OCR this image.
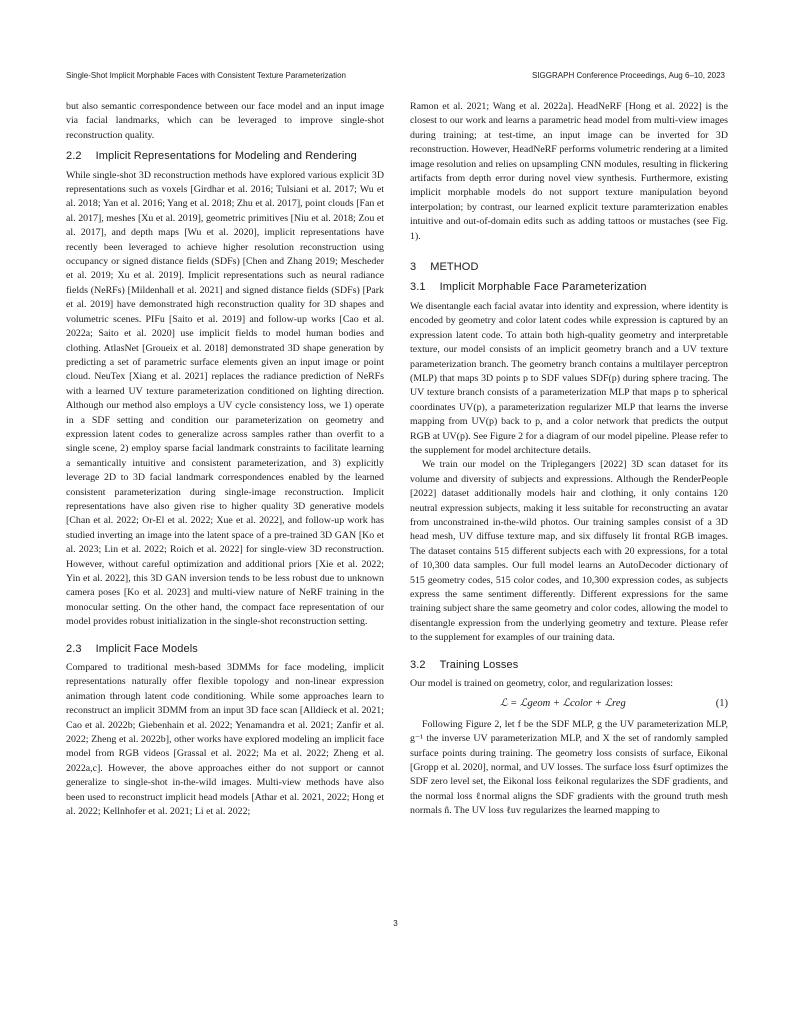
Single-Shot Implicit Morphable Faces with Consistent Texture Parameterization	SIGGRAPH Conference Proceedings, Aug 6–10, 2023

but also semantic correspondence between our face model and an input image via facial landmarks, which can be leveraged to improve single-shot reconstruction quality.

2.2 Implicit Representations for Modeling and Rendering

While single-shot 3D reconstruction methods have explored various explicit 3D representations such as voxels [Girdhar et al. 2016; Tulsiani et al. 2017; Wu et al. 2018; Yan et al. 2016; Yang et al. 2018; Zhu et al. 2017], point clouds [Fan et al. 2017], meshes [Xu et al. 2019], geometric primitives [Niu et al. 2018; Zou et al. 2017], and depth maps [Wu et al. 2020], implicit representations have recently been leveraged to achieve higher resolution reconstruction using occupancy or signed distance fields (SDFs) [Chen and Zhang 2019; Mescheder et al. 2019; Xu et al. 2019]. Implicit representations such as neural radiance fields (NeRFs) [Mildenhall et al. 2021] and signed distance fields (SDFs) [Park et al. 2019] have demonstrated high reconstruction quality for 3D shapes and volumetric scenes. PIFu [Saito et al. 2019] and follow-up works [Cao et al. 2022a; Saito et al. 2020] use implicit fields to model human bodies and clothing. AtlasNet [Groueix et al. 2018] demonstrated 3D shape generation by predicting a set of parametric surface elements given an input image or point cloud. NeuTex [Xiang et al. 2021] replaces the radiance prediction of NeRFs with a learned UV texture parameterization conditioned on lighting direction. Although our method also employs a UV cycle consistency loss, we 1) operate in a SDF setting and condition our parameterization on geometry and expression latent codes to generalize across samples rather than overfit to a single scene, 2) employ sparse facial landmark constraints to facilitate learning a semantically intuitive and consistent parameterization, and 3) explicitly leverage 2D to 3D facial landmark correspondences enabled by the learned consistent parameterization during single-image reconstruction. Implicit representations have also given rise to higher quality 3D generative models [Chan et al. 2022; Or-El et al. 2022; Xue et al. 2022], and follow-up work has studied inverting an image into the latent space of a pre-trained 3D GAN [Ko et al. 2023; Lin et al. 2022; Roich et al. 2022] for single-view 3D reconstruction. However, without careful optimization and additional priors [Xie et al. 2022; Yin et al. 2022], this 3D GAN inversion tends to be less robust due to unknown camera poses [Ko et al. 2023] and multi-view nature of NeRF training in the monocular setting. On the other hand, the compact face representation of our model provides robust initialization in the single-shot reconstruction setting.

2.3 Implicit Face Models

Compared to traditional mesh-based 3DMMs for face modeling, implicit representations naturally offer flexible topology and non-linear expression animation through latent code conditioning. While some approaches learn to reconstruct an implicit 3DMM from an input 3D face scan [Alldieck et al. 2021; Cao et al. 2022b; Giebenhain et al. 2022; Yenamandra et al. 2021; Zanfir et al. 2022; Zheng et al. 2022b], other works have explored modeling an implicit face model from RGB videos [Grassal et al. 2022; Ma et al. 2022; Zheng et al. 2022a,c]. However, the above approaches either do not support or cannot generalize to single-shot in-the-wild images. Multi-view methods have also been used to reconstruct implicit head models [Athar et al. 2021, 2022; Hong et al. 2022; Kellnhofer et al. 2021; Li et al. 2022;

Ramon et al. 2021; Wang et al. 2022a]. HeadNeRF [Hong et al. 2022] is the closest to our work and learns a parametric head model from multi-view images during training; at test-time, an input image can be inverted for 3D reconstruction. However, HeadNeRF performs volumetric rendering at a limited image resolution and relies on upsampling CNN modules, resulting in flickering artifacts from depth error during novel view synthesis. Furthermore, existing implicit morphable models do not support texture manipulation beyond interpolation; by contrast, our learned explicit texture paramterization enables intuitive and out-of-domain edits such as adding tattoos or mustaches (see Fig. 1).

3 METHOD
3.1 Implicit Morphable Face Parameterization

We disentangle each facial avatar into identity and expression, where identity is encoded by geometry and color latent codes while expression is captured by an expression latent code. To attain both high-quality geometry and interpretable texture, our model consists of an implicit geometry branch and a UV texture parameterization branch. The geometry branch contains a multilayer perceptron (MLP) that maps 3D points p to SDF values SDF(p) during sphere tracing. The UV texture branch consists of a parameterization MLP that maps p to spherical coordinates UV(p), a parameterization regularizer MLP that learns the inverse mapping from UV(p) back to p, and a color network that predicts the output RGB at UV(p). See Figure 2 for a diagram of our model pipeline. Please refer to the supplement for model architecture details.

We train our model on the Triplegangers [2022] 3D scan dataset for its volume and diversity of subjects and expressions. Although the RenderPeople [2022] dataset additionally models hair and clothing, it only contains 120 neutral expression subjects, making it less suitable for reconstructing an avatar from unconstrained in-the-wild photos. Our training samples consist of a 3D head mesh, UV diffuse texture map, and six diffusely lit frontal RGB images. The dataset contains 515 different subjects each with 20 expressions, for a total of 10,300 data samples. Our full model learns an AutoDecoder dictionary of 515 geometry codes, 515 color codes, and 10,300 expression codes, as subjects express the same sentiment differently. Different expressions for the same training subject share the same geometry and color codes, allowing the model to disentangle expression from the underlying geometry and texture. Please refer to the supplement for examples of our training data.

3.2 Training Losses

Our model is trained on geometry, color, and regularization losses:

ℒ = ℒgeom + ℒcolor + ℒreg	(1)

Following Figure 2, let f be the SDF MLP, g the UV parameterization MLP, g⁻¹ the inverse UV parameterization MLP, and X the set of randomly sampled surface points during training. The geometry loss consists of surface, Eikonal [Gropp et al. 2020], normal, and UV losses. The surface loss ℓsurf optimizes the SDF zero level set, the Eikonal loss ℓeikonal regularizes the SDF gradients, and the normal loss ℓnormal aligns the SDF gradients with the ground truth mesh normals n̂. The UV loss ℓuv regularizes the learned mapping to

3
